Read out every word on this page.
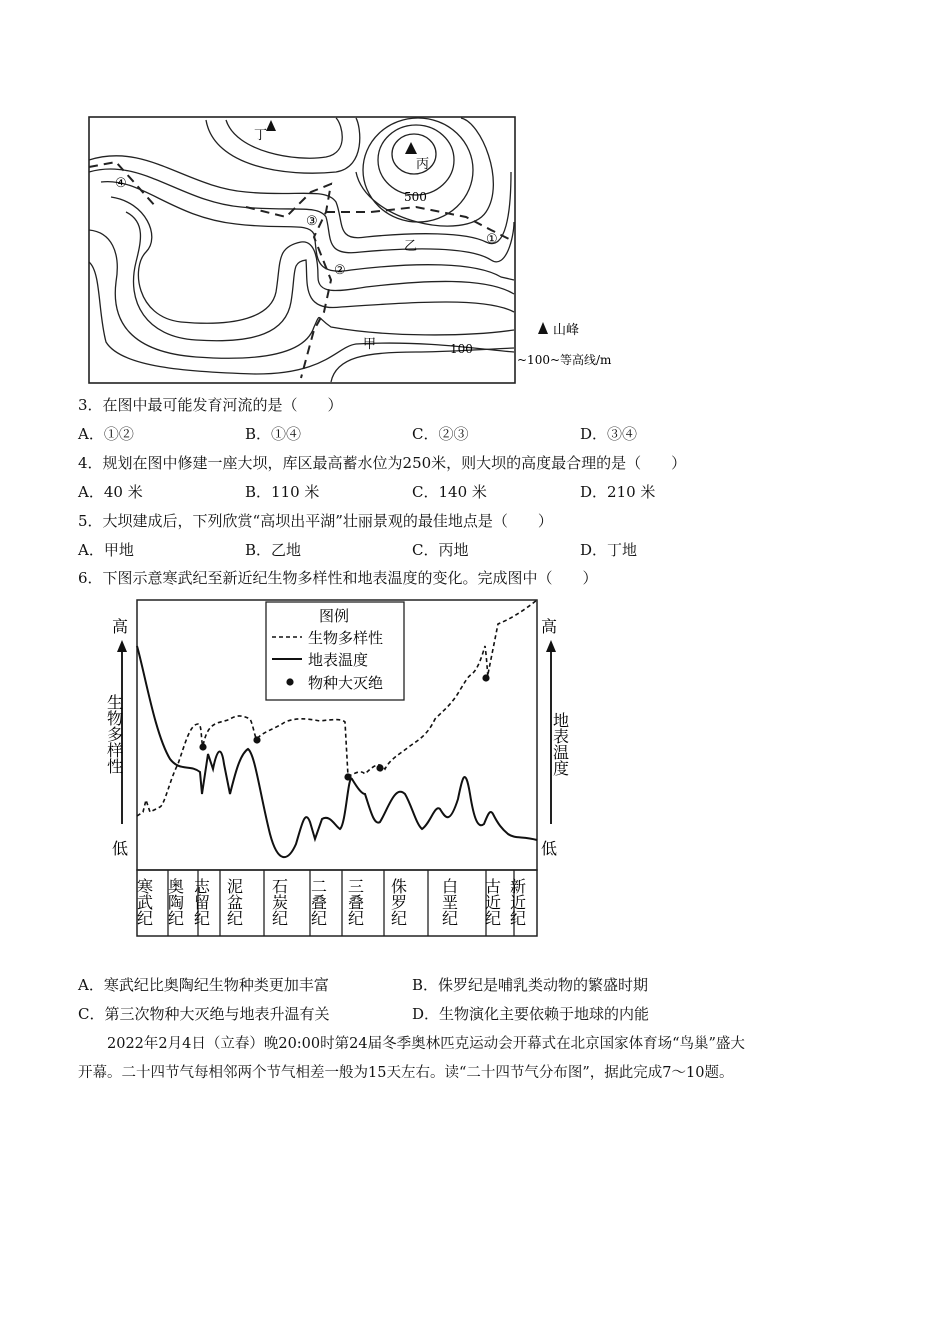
丁
丙
500
乙
甲	100
①
②
③
④
山峰
~100~等高线/m
3．在图中最可能发育河流的是（　　）
A．①②	B．①④	C．②③	D．③④
4．规划在图中修建一座大坝，库区最高蓄水位为250米，则大坝的高度最合理的是（　　）
A．40 米	B．110 米	C．140 米	D．210 米
5．大坝建成后，下列欣赏“高坝出平湖”壮丽景观的最佳地点是（　　）
A．甲地	B．乙地	C．丙地	D．丁地
6．下图示意寒武纪至新近纪生物多样性和地表温度的变化。完成图中（　　）
高
低
生物多样性
高
低
地表温度
图例
生物多样性
地表温度
物种大灭绝
寒武纪 奥陶纪 志留纪 泥盆纪 石炭纪 二叠纪 三叠纪 侏罗纪 白垩纪 古近纪 新近纪
A．寒武纪比奥陶纪生物种类更加丰富	B．侏罗纪是哺乳类动物的繁盛时期
C．第三次物种大灭绝与地表升温有关	D．生物演化主要依赖于地球的内能
2022年2月4日（立春）晚20:00时第24届冬季奥林匹克运动会开幕式在北京国家体育场“鸟巢”盛大
开幕。二十四节气每相邻两个节气相差一般为15天左右。读“二十四节气分布图”，据此完成7～10题。
